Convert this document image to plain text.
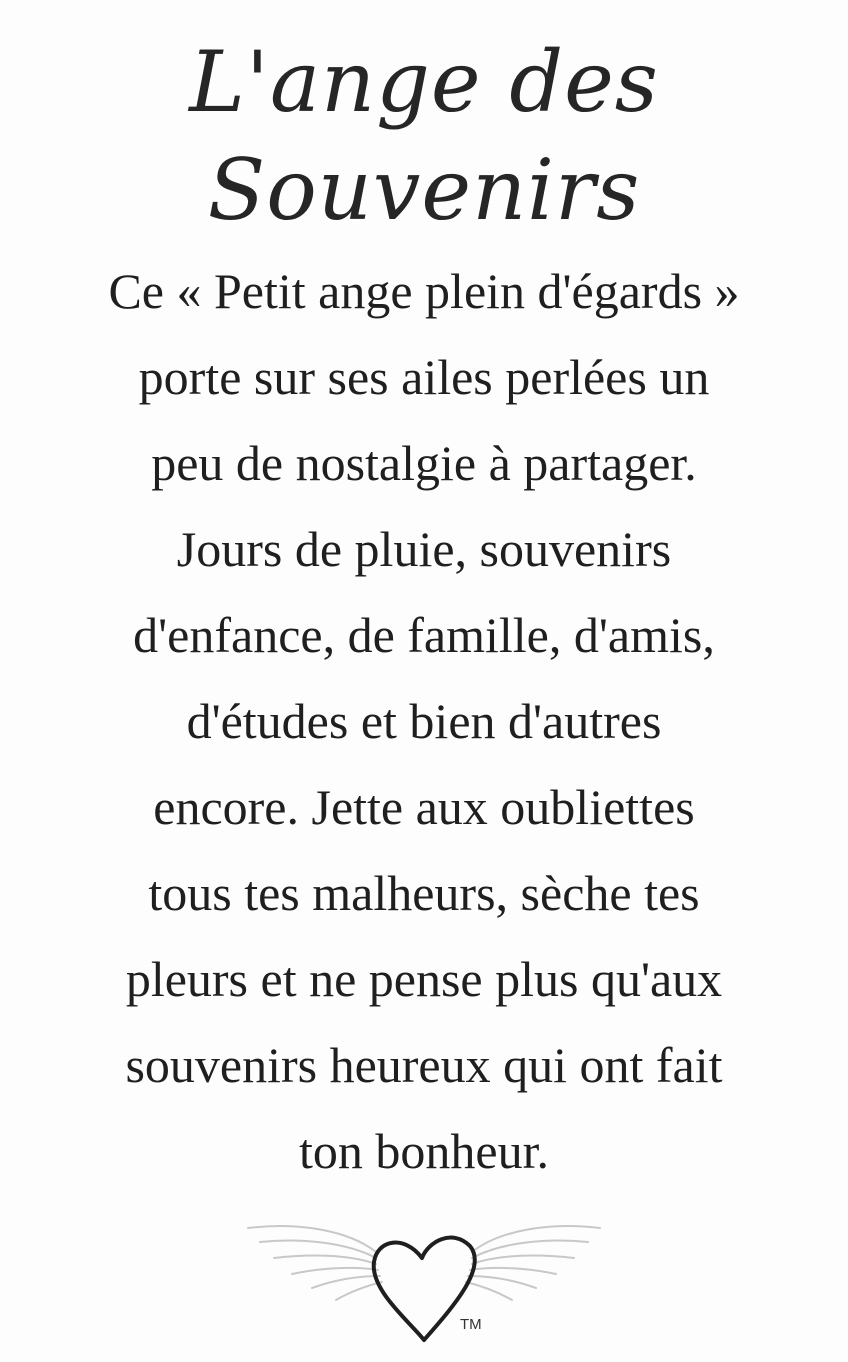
L'ange des
Souvenirs
Ce « Petit ange plein d'égards »
porte sur ses ailes perlées un
peu de nostalgie à partager.
Jours de pluie, souvenirs
d'enfance, de famille, d'amis,
d'études et bien d'autres
encore. Jette aux oubliettes
tous tes malheurs, sèche tes
pleurs et ne pense plus qu'aux
souvenirs heureux qui ont fait
ton bonheur.
TM
